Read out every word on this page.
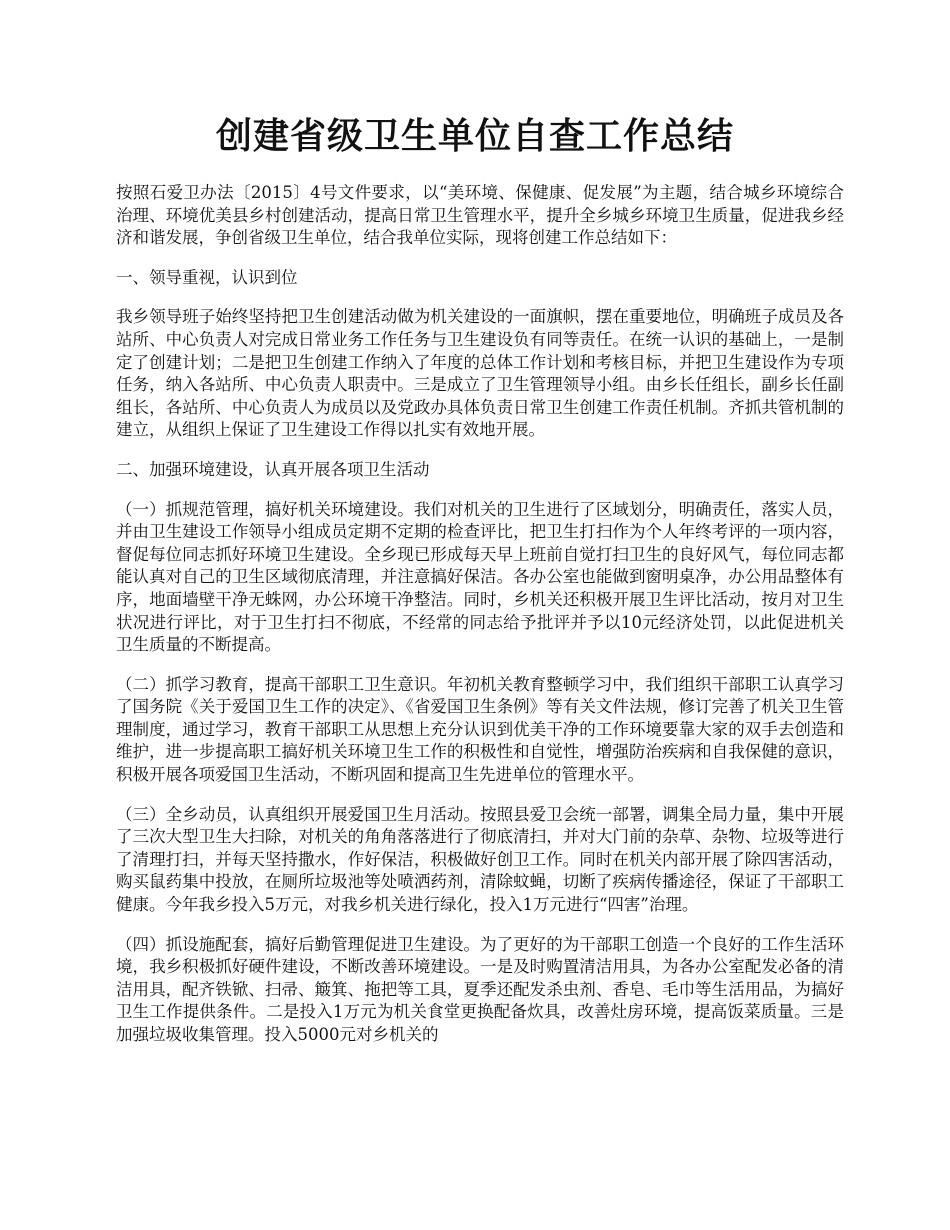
创建省级卫生单位自查工作总结

按照石爱卫办法〔2015〕4号文件要求，以“美环境、保健康、促发展”为主题，结合城乡环境综合治理、环境优美县乡村创建活动，提高日常卫生管理水平，提升全乡城乡环境卫生质量，促进我乡经济和谐发展，争创省级卫生单位，结合我单位实际，现将创建工作总结如下：

一、领导重视，认识到位

我乡领导班子始终坚持把卫生创建活动做为机关建设的一面旗帜，摆在重要地位，明确班子成员及各站所、中心负责人对完成日常业务工作任务与卫生建设负有同等责任。在统一认识的基础上，一是制定了创建计划；二是把卫生创建工作纳入了年度的总体工作计划和考核目标，并把卫生建设作为专项任务，纳入各站所、中心负责人职责中。三是成立了卫生管理领导小组。由乡长任组长，副乡长任副组长，各站所、中心负责人为成员以及党政办具体负责日常卫生创建工作责任机制。齐抓共管机制的建立，从组织上保证了卫生建设工作得以扎实有效地开展。

二、加强环境建设，认真开展各项卫生活动

（一）抓规范管理，搞好机关环境建设。我们对机关的卫生进行了区域划分，明确责任，落实人员，并由卫生建设工作领导小组成员定期不定期的检查评比，把卫生打扫作为个人年终考评的一项内容，督促每位同志抓好环境卫生建设。全乡现已形成每天早上班前自觉打扫卫生的良好风气，每位同志都能认真对自己的卫生区域彻底清理，并注意搞好保洁。各办公室也能做到窗明桌净，办公用品整体有序，地面墙壁干净无蛛网，办公环境干净整洁。同时，乡机关还积极开展卫生评比活动，按月对卫生状况进行评比，对于卫生打扫不彻底，不经常的同志给予批评并予以10元经济处罚，以此促进机关卫生质量的不断提高。

（二）抓学习教育，提高干部职工卫生意识。年初机关教育整顿学习中，我们组织干部职工认真学习了国务院《关于爱国卫生工作的决定》、《省爱国卫生条例》等有关文件法规，修订完善了机关卫生管理制度，通过学习，教育干部职工从思想上充分认识到优美干净的工作环境要靠大家的双手去创造和维护，进一步提高职工搞好机关环境卫生工作的积极性和自觉性，增强防治疾病和自我保健的意识，积极开展各项爱国卫生活动，不断巩固和提高卫生先进单位的管理水平。

（三）全乡动员，认真组织开展爱国卫生月活动。按照县爱卫会统一部署，调集全局力量，集中开展了三次大型卫生大扫除，对机关的角角落落进行了彻底清扫，并对大门前的杂草、杂物、垃圾等进行了清理打扫，并每天坚持撒水，作好保洁，积极做好创卫工作。同时在机关内部开展了除四害活动，购买鼠药集中投放，在厕所垃圾池等处喷洒药剂，清除蚊蝇，切断了疾病传播途径，保证了干部职工健康。今年我乡投入5万元，对我乡机关进行绿化，投入1万元进行“四害”治理。

（四）抓设施配套，搞好后勤管理促进卫生建设。为了更好的为干部职工创造一个良好的工作生活环境，我乡积极抓好硬件建设，不断改善环境建设。一是及时购置清洁用具，为各办公室配发必备的清洁用具，配齐铁锨、扫帚、簸箕、拖把等工具，夏季还配发杀虫剂、香皂、毛巾等生活用品，为搞好卫生工作提供条件。二是投入1万元为机关食堂更换配备炊具，改善灶房环境，提高饭菜质量。三是加强垃圾收集管理。投入5000元对乡机关的
